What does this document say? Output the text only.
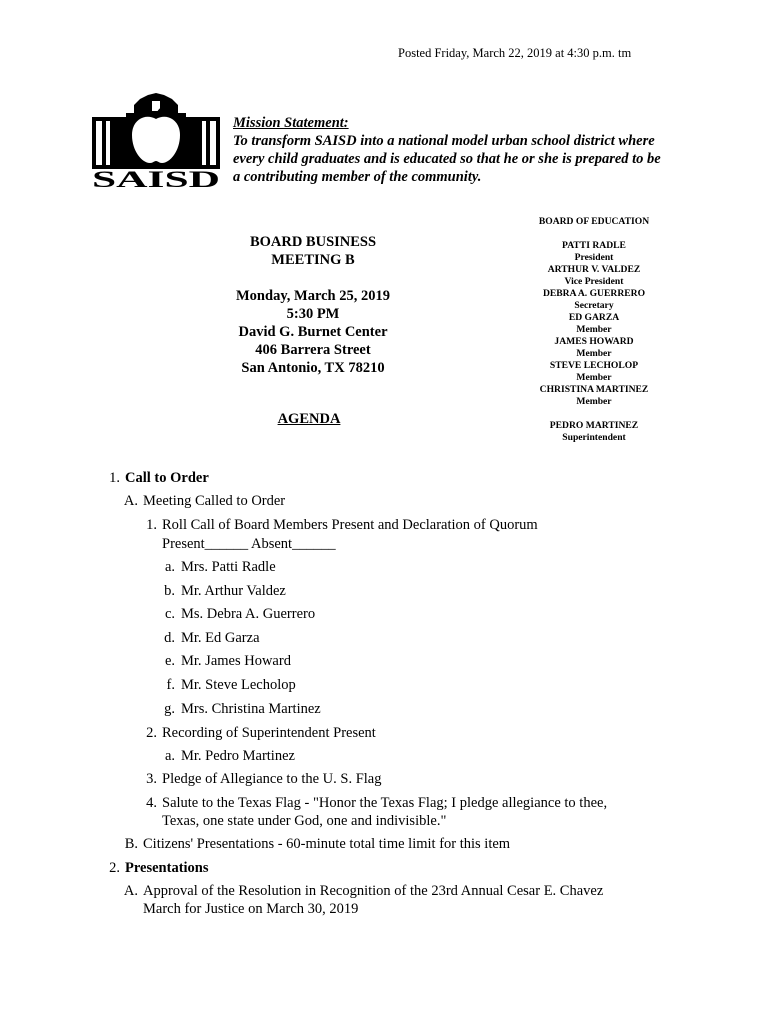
Posted Friday, March 22, 2019 at 4:30 p.m. tm
SAISD
Mission Statement:
To transform SAISD into a national model urban school district where
every child graduates and is educated so that he or she is prepared to be
a contributing member of the community.
BOARD BUSINESS
MEETING B
Monday, March 25, 2019
5:30 PM
David G. Burnet Center
406 Barrera Street
San Antonio, TX 78210
AGENDA
BOARD OF EDUCATION
PATTI RADLE
President
ARTHUR V. VALDEZ
Vice President
DEBRA A. GUERRERO
Secretary
ED GARZA
Member
JAMES HOWARD
Member
STEVE LECHOLOP
Member
CHRISTINA MARTINEZ
Member
PEDRO MARTINEZ
Superintendent
1. Call to Order
A. Meeting Called to Order
1. Roll Call of Board Members Present and Declaration of Quorum
Present______ Absent______
a. Mrs. Patti Radle
b. Mr. Arthur Valdez
c. Ms. Debra A. Guerrero
d. Mr. Ed Garza
e. Mr. James Howard
f. Mr. Steve Lecholop
g. Mrs. Christina Martinez
2. Recording of Superintendent Present
a. Mr. Pedro Martinez
3. Pledge of Allegiance to the U. S. Flag
4. Salute to the Texas Flag - "Honor the Texas Flag; I pledge allegiance to thee,
Texas, one state under God, one and indivisible."
B. Citizens' Presentations - 60-minute total time limit for this item
2. Presentations
A. Approval of the Resolution in Recognition of the 23rd Annual Cesar E. Chavez
March for Justice on March 30, 2019
